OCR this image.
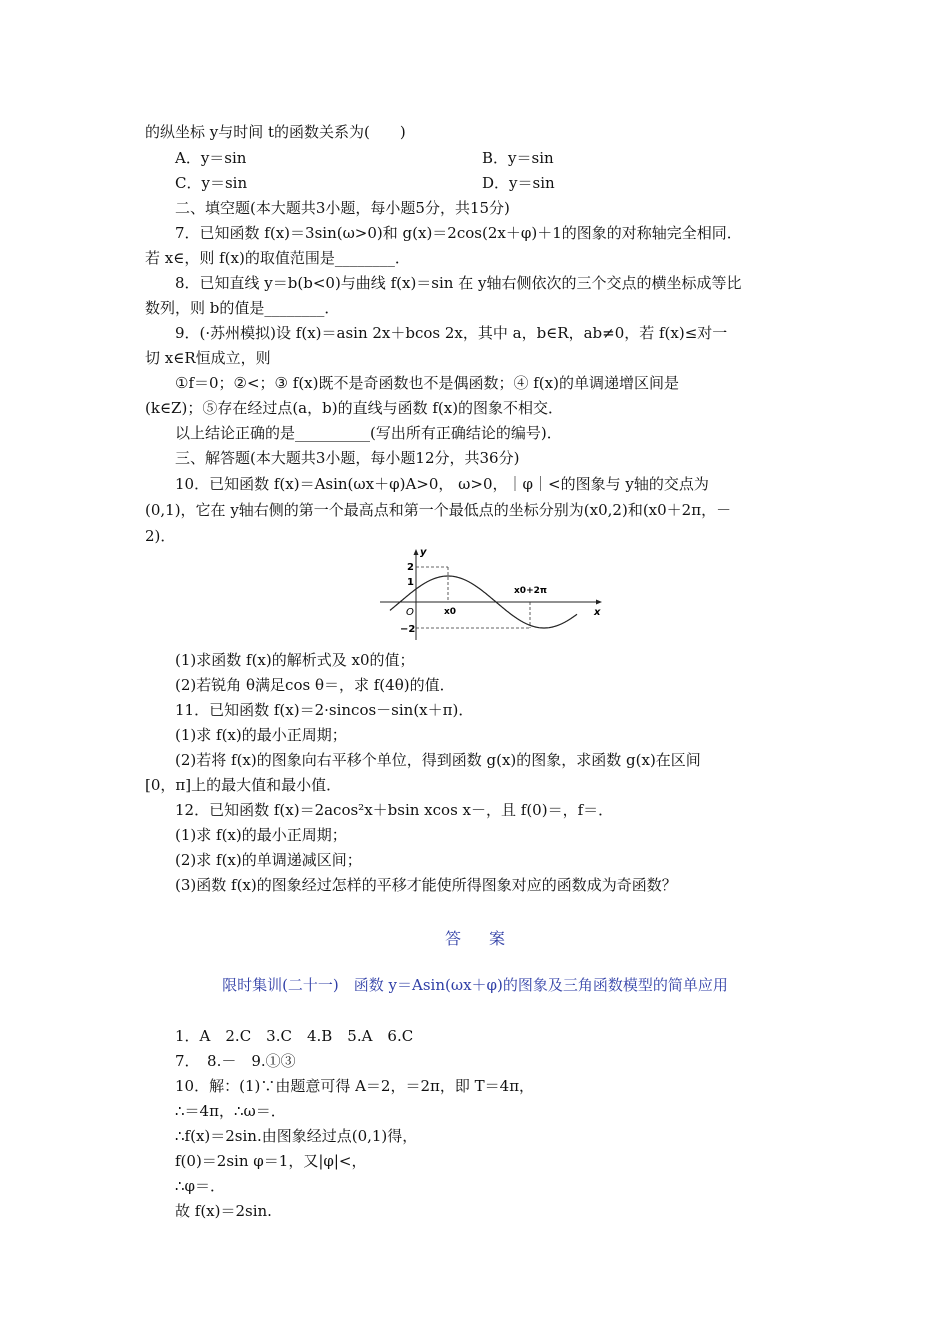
的纵坐标 y与时间 t的函数关系为(　　)
A．y＝sin	B．y＝sin
C．y＝sin	D．y＝sin
二、填空题(本大题共3小题，每小题5分，共15分)
7．已知函数 f(x)＝3sin(ω>0)和 g(x)＝2cos(2x＋φ)＋1的图象的对称轴完全相同．
若 x∈，则 f(x)的取值范围是________．
8．已知直线 y＝b(b<0)与曲线 f(x)＝sin 在 y轴右侧依次的三个交点的横坐标成等比
数列，则 b的值是________．
9．(·苏州模拟)设 f(x)＝asin 2x＋bcos 2x，其中 a，b∈R，ab≠0，若 f(x)≤对一
切 x∈R恒成立，则
①f＝0；②<；③ f(x)既不是奇函数也不是偶函数；④ f(x)的单调递增区间是
(k∈Z)；⑤存在经过点(a，b)的直线与函数 f(x)的图象不相交．
以上结论正确的是__________(写出所有正确结论的编号)．
三、解答题(本大题共3小题，每小题12分，共36分)
10．已知函数 f(x)＝Asin(ωx＋φ)A>0， ω>0，｜φ｜<的图象与 y轴的交点为
(0,1)，它在 y轴右侧的第一个最高点和第一个最低点的坐标分别为(x0,2)和(x0＋2π，－
2)．
y
x
O
2
1
−2
x0
x0+2π
(1)求函数 f(x)的解析式及 x0的值；
(2)若锐角 θ满足cos θ＝，求 f(4θ)的值．
11．已知函数 f(x)＝2·sincos－sin(x＋π)．
(1)求 f(x)的最小正周期；
(2)若将 f(x)的图象向右平移个单位，得到函数 g(x)的图象，求函数 g(x)在区间
[0，π]上的最大值和最小值．
12．已知函数 f(x)＝2acos²x＋bsin xcos x－，且 f(0)＝，f＝．
(1)求 f(x)的最小正周期；
(2)求 f(x)的单调递减区间；
(3)函数 f(x)的图象经过怎样的平移才能使所得图象对应的函数成为奇函数？
答案
限时集训(二十一)　函数 y＝Asin(ωx＋φ)的图象及三角函数模型的简单应用
1．A　2.C　3.C　4.B　5.A　6.C
7．　8.－　9.①③
10．解：(1)∵由题意可得 A＝2，＝2π，即 T＝4π，
∴＝4π，∴ω＝．
∴f(x)＝2sin.由图象经过点(0,1)得，
f(0)＝2sin φ＝1，又|φ|<，
∴φ＝．
故 f(x)＝2sin.
